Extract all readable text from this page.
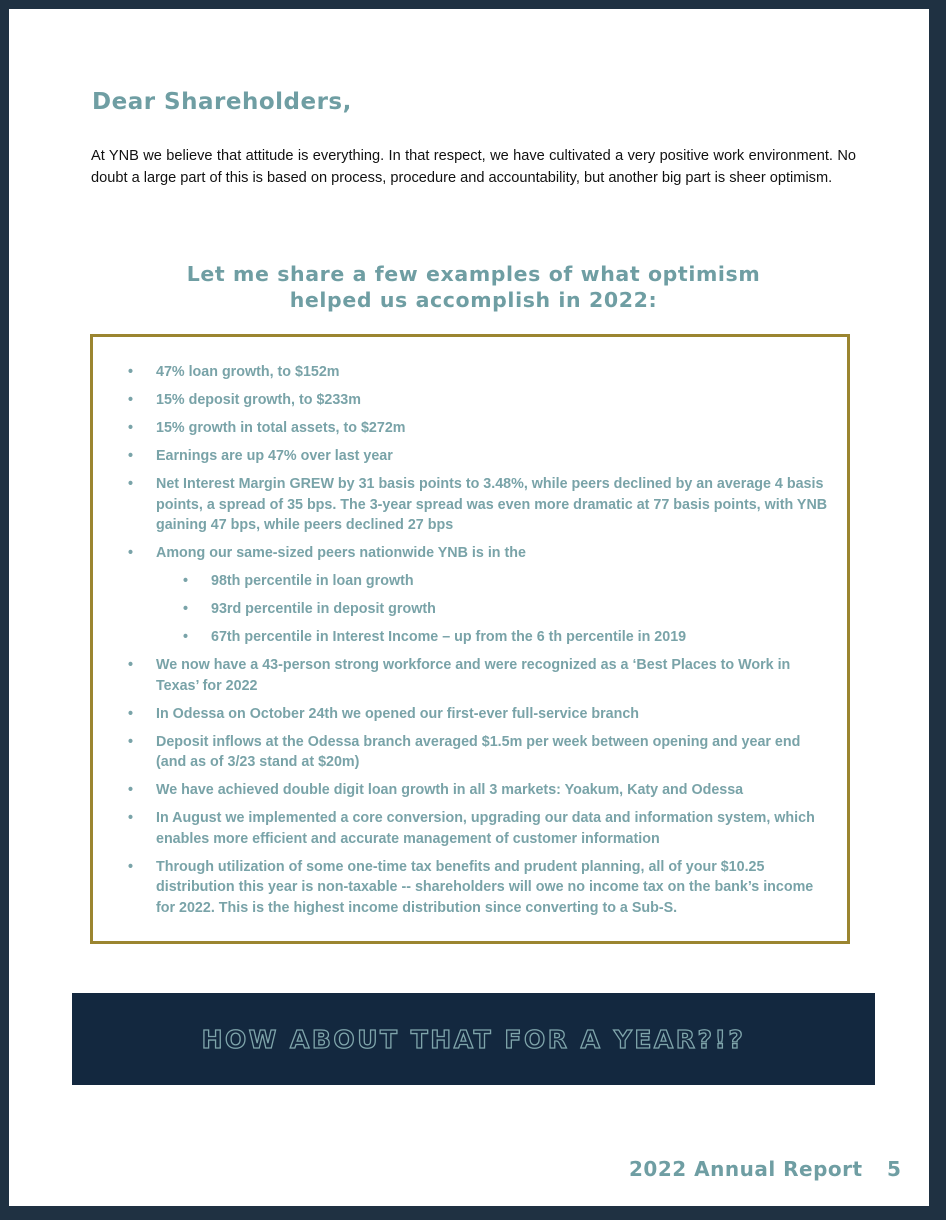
Dear Shareholders,

At YNB we believe that attitude is everything. In that respect, we have cultivated a very positive work environment. No doubt a large part of this is based on process, procedure and accountability, but another big part is sheer optimism.

Let me share a few examples of what optimism
helped us accomplish in 2022:
• 47% loan growth, to $152m
• 15% deposit growth, to $233m
• 15% growth in total assets, to $272m
• Earnings are up 47% over last year
• Net Interest Margin GREW by 31 basis points to 3.48%, while peers declined by an average 4 basis points, a spread of 35 bps. The 3-year spread was even more dramatic at 77 basis points, with YNB gaining 47 bps, while peers declined 27 bps
• Among our same-sized peers nationwide YNB is in the
• 98th percentile in loan growth
• 93rd percentile in deposit growth
• 67th percentile in Interest Income – up from the 6 th percentile in 2019
• We now have a 43-person strong workforce and were recognized as a ‘Best Places to Work in Texas’ for 2022
• In Odessa on October 24th we opened our first-ever full-service branch
• Deposit inflows at the Odessa branch averaged $1.5m per week between opening and year end (and as of 3/23 stand at $20m)
• We have achieved double digit loan growth in all 3 markets: Yoakum, Katy and Odessa
• In August we implemented a core conversion, upgrading our data and information system, which enables more efficient and accurate management of customer information
• Through utilization of some one-time tax benefits and prudent planning, all of your $10.25 distribution this year is non-taxable -- shareholders will owe no income tax on the bank’s income for 2022. This is the highest income distribution since converting to a Sub-S.
HOW ABOUT THAT FOR A YEAR?!?
2022 Annual Report 5
